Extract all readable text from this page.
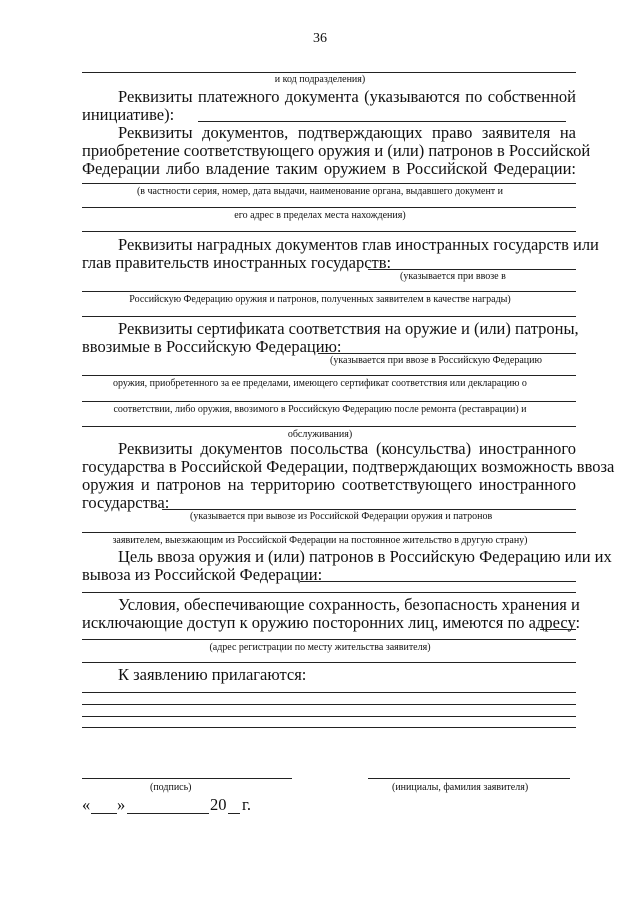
36
и код подразделения)
Реквизиты платежного документа (указываются по собственной
инициативе):
Реквизиты документов, подтверждающих право заявителя на
приобретение соответствующего оружия и (или) патронов в Российской
Федерации либо владение таким оружием в Российской Федерации:
(в частности серия, номер, дата выдачи, наименование органа, выдавшего документ и
его адрес в пределах места нахождения)
Реквизиты наградных документов глав иностранных государств или
глав правительств иностранных государств:
(указывается при ввозе в
Российскую Федерацию оружия и патронов, полученных заявителем в качестве награды)
Реквизиты сертификата соответствия на оружие и (или) патроны,
ввозимые в Российскую Федерацию:
(указывается при ввозе в Российскую Федерацию
оружия, приобретенного за ее пределами, имеющего сертификат соответствия или декларацию о
соответствии, либо оружия, ввозимого в Российскую Федерацию после ремонта (реставрации) и
обслуживания)
Реквизиты документов посольства (консульства) иностранного
государства в Российской Федерации, подтверждающих возможность ввоза
оружия и патронов на территорию соответствующего иностранного
государства:
(указывается при вывозе из Российской Федерации оружия и патронов
заявителем, выезжающим из Российской Федерации на постоянное жительство в другую страну)
Цель ввоза оружия и (или) патронов в Российскую Федерацию или их
вывоза из Российской Федерации:
Условия, обеспечивающие сохранность, безопасность хранения и
исключающие доступ к оружию посторонних лиц, имеются по адресу:
(адрес регистрации по месту жительства заявителя)
К заявлению прилагаются:
(подпись)	(инициалы, фамилия заявителя)
« »	20 г.
